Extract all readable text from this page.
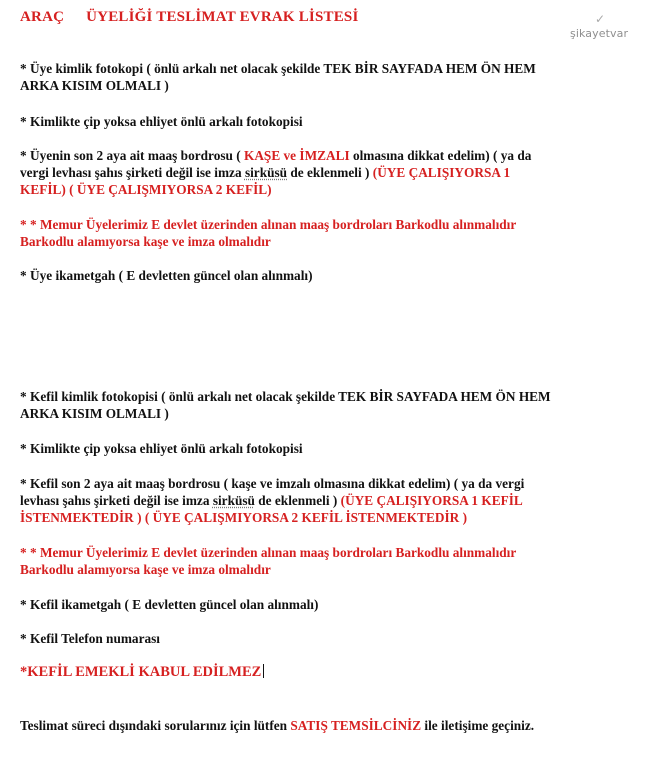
ARAÇ ÜYELİĞİ TESLİMAT EVRAK LİSTESİ	✓
şikayetvar
* Üye kimlik fotokopi ( önlü arkalı net olacak şekilde TEK BİR SAYFADA HEM ÖN HEM
ARKA KISIM OLMALI )
* Kimlikte çip yoksa ehliyet önlü arkalı fotokopisi
* Üyenin son 2 aya ait maaş bordrosu ( KAŞE ve İMZALI olmasına dikkat edelim) ( ya da
vergi levhası şahıs şirketi değil ise imza sirküsü de eklenmeli ) (ÜYE ÇALIŞIYORSA 1
KEFİL) ( ÜYE ÇALIŞMIYORSA 2 KEFİL)
* * Memur Üyelerimiz E devlet üzerinden alınan maaş bordroları Barkodlu alınmalıdır
Barkodlu alamıyorsa kaşe ve imza olmalıdır
* Üye ikametgah ( E devletten güncel olan alınmalı)
* Kefil kimlik fotokopisi ( önlü arkalı net olacak şekilde TEK BİR SAYFADA HEM ÖN HEM
ARKA KISIM OLMALI )
* Kimlikte çip yoksa ehliyet önlü arkalı fotokopisi
* Kefil son 2 aya ait maaş bordrosu ( kaşe ve imzalı olmasına dikkat edelim) ( ya da vergi
levhası şahıs şirketi değil ise imza sirküsü de eklenmeli ) (ÜYE ÇALIŞIYORSA 1 KEFİL
İSTENMEKTEDİR ) ( ÜYE ÇALIŞMIYORSA 2 KEFİL İSTENMEKTEDİR )
* * Memur Üyelerimiz E devlet üzerinden alınan maaş bordroları Barkodlu alınmalıdır
Barkodlu alamıyorsa kaşe ve imza olmalıdır
* Kefil ikametgah ( E devletten güncel olan alınmalı)
* Kefil Telefon numarası
*KEFİL EMEKLİ KABUL EDİLMEZ
Teslimat süreci dışındaki sorularınız için lütfen SATIŞ TEMSİLCİNİZ ile iletişime geçiniz.
